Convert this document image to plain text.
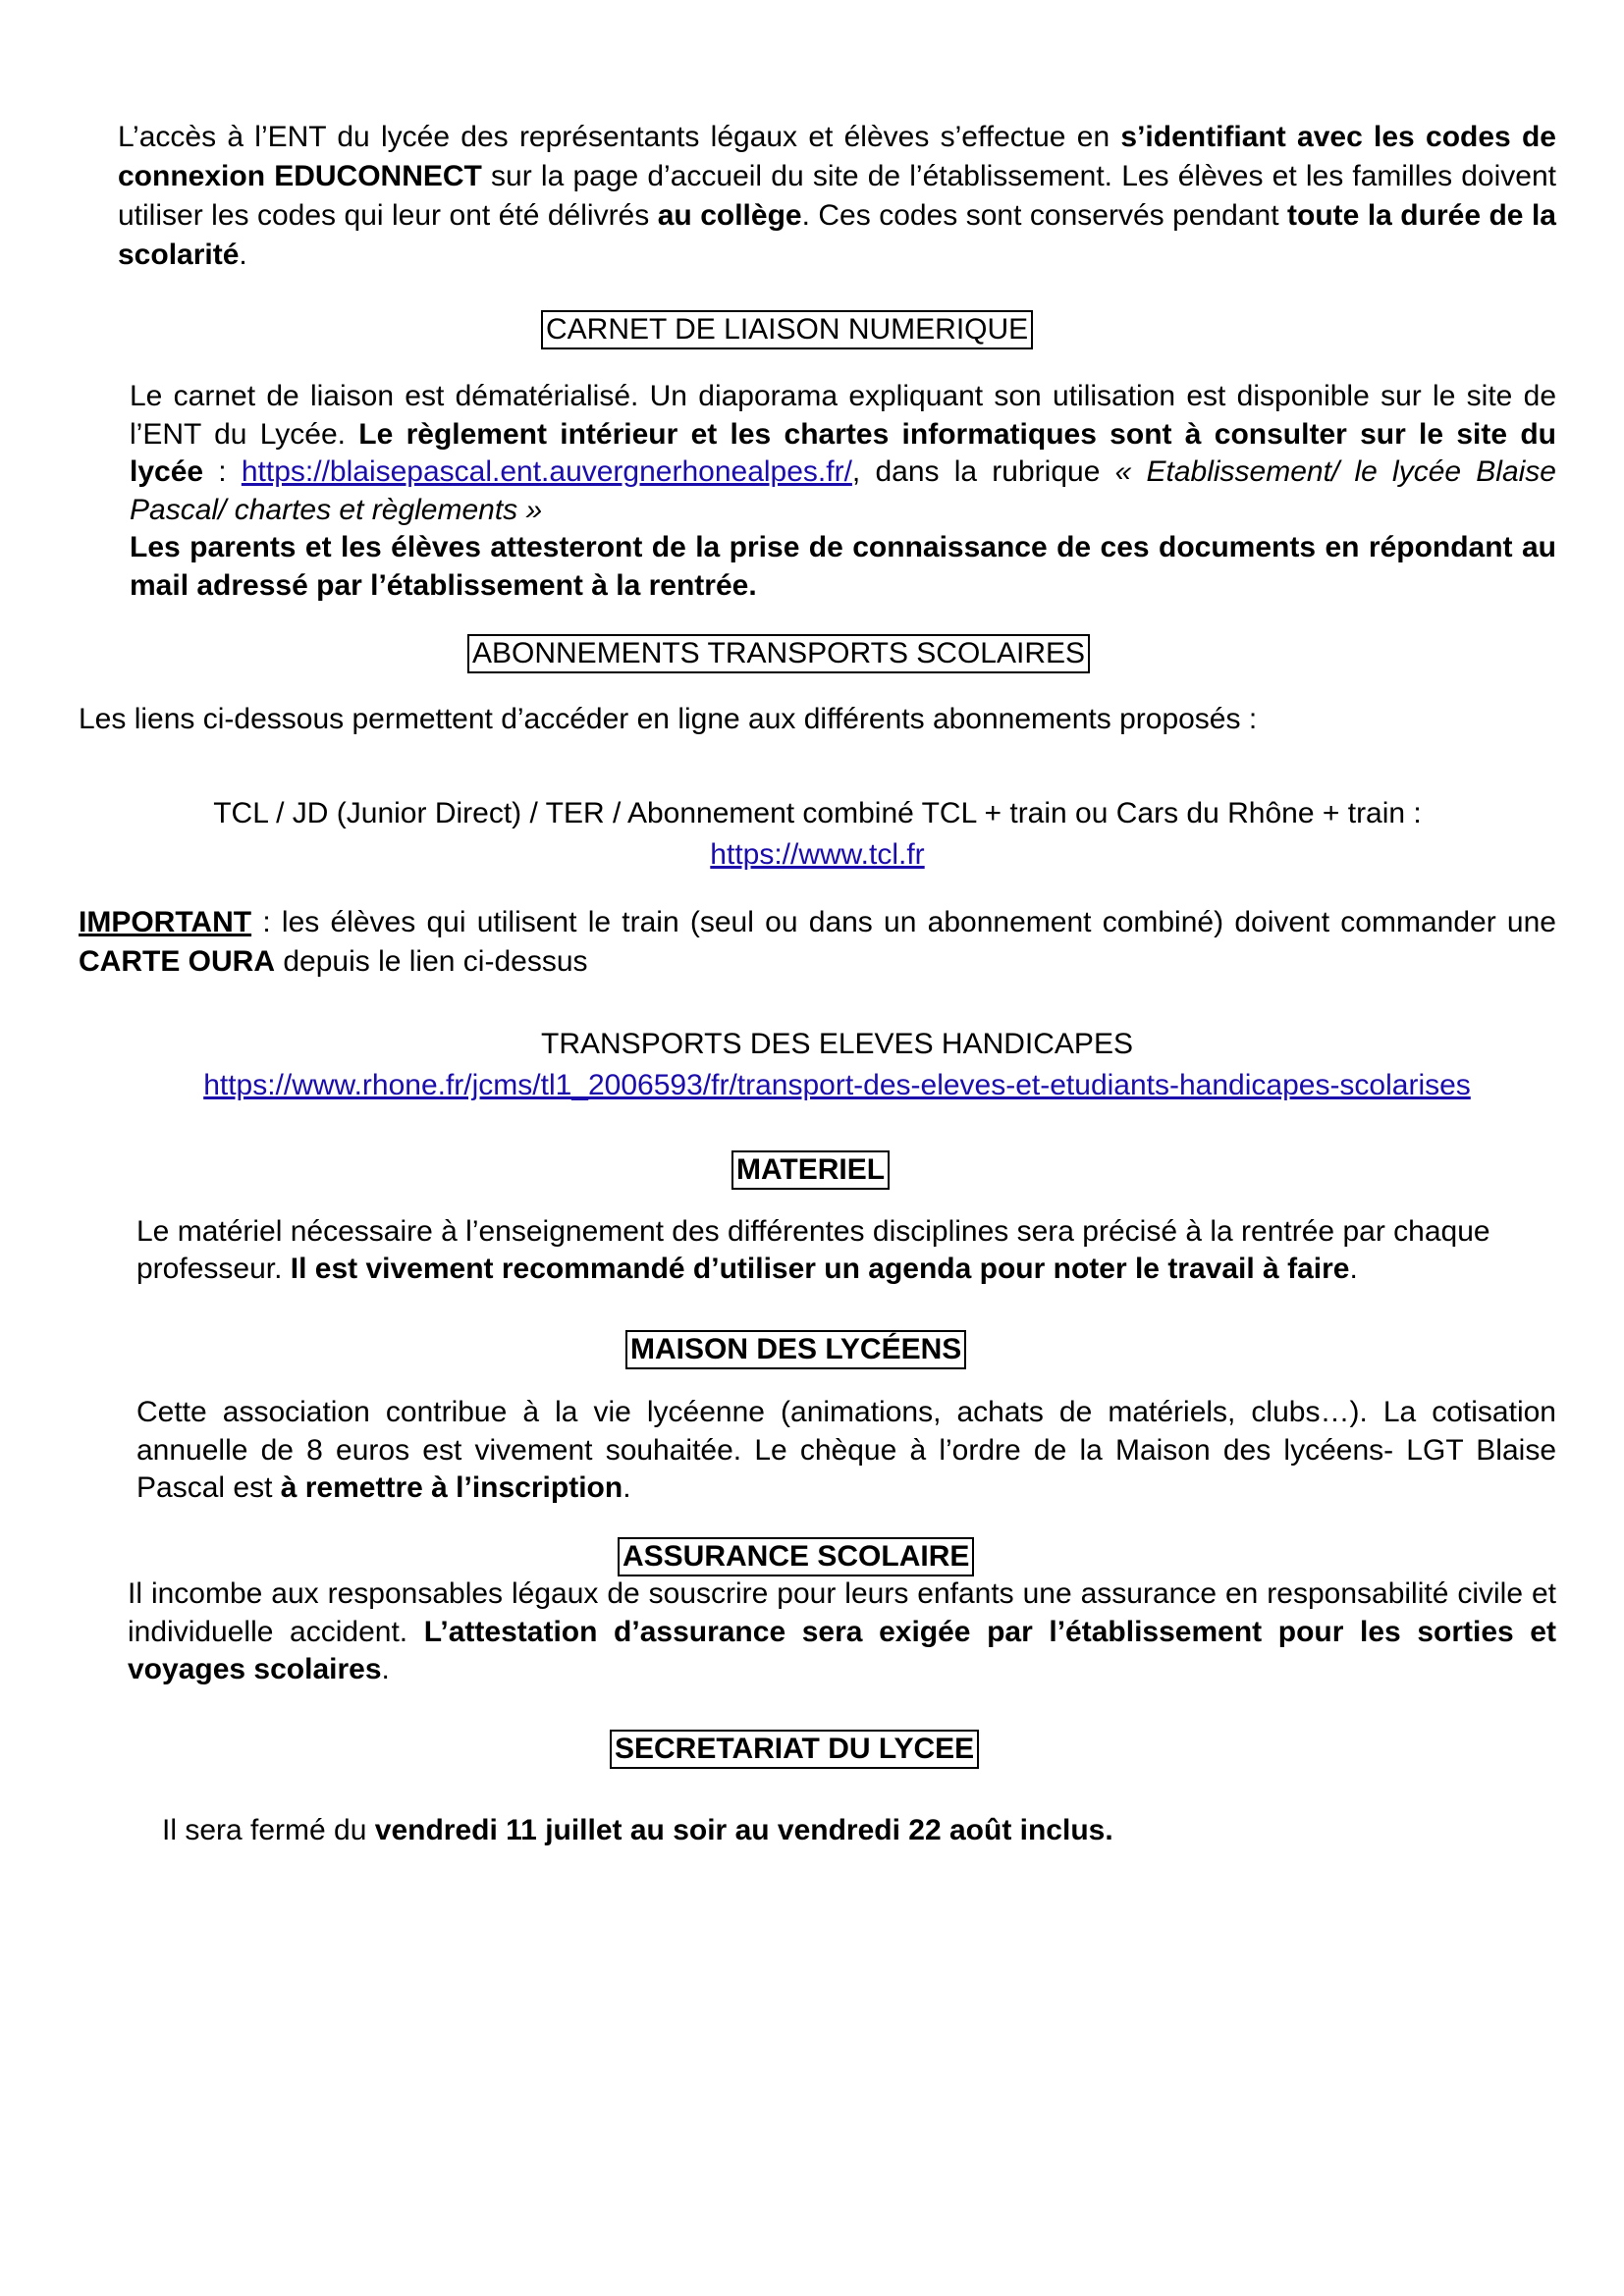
L’accès à l’ENT du lycée des représentants légaux et élèves s’effectue en s’identifiant avec les codes de connexion EDUCONNECT sur la page d’accueil du site de l’établissement. Les élèves et les familles doivent utiliser les codes qui leur ont été délivrés au collège. Ces codes sont conservés pendant toute la durée de la scolarité.

CARNET DE LIAISON NUMERIQUE

Le carnet de liaison est dématérialisé. Un diaporama expliquant son utilisation est disponible sur le site de l’ENT du Lycée. Le règlement intérieur et les chartes informatiques sont à consulter sur le site du lycée : https://blaisepascal.ent.auvergnerhonealpes.fr/, dans la rubrique « Etablissement/ le lycée Blaise Pascal/ chartes et règlements »

Les parents et les élèves attesteront de la prise de connaissance de ces documents en répondant au mail adressé par l’établissement à la rentrée.

ABONNEMENTS TRANSPORTS SCOLAIRES

Les liens ci-dessous permettent d’accéder en ligne aux différents abonnements proposés :

TCL / JD (Junior Direct) / TER / Abonnement combiné TCL + train ou Cars du Rhône + train :

https://www.tcl.fr

IMPORTANT : les élèves qui utilisent le train (seul ou dans un abonnement combiné) doivent commander une CARTE OURA depuis le lien ci-dessus

TRANSPORTS DES ELEVES HANDICAPES

https://www.rhone.fr/jcms/tl1_2006593/fr/transport-des-eleves-et-etudiants-handicapes-scolarises

MATERIEL

Le matériel nécessaire à l’enseignement des différentes disciplines sera précisé à la rentrée par chaque professeur. Il est vivement recommandé d’utiliser un agenda pour noter le travail à faire.

MAISON DES LYCÉENS

Cette association contribue à la vie lycéenne (animations, achats de matériels, clubs…). La cotisation annuelle de 8 euros est vivement souhaitée. Le chèque à l’ordre de la Maison des lycéens- LGT Blaise Pascal est à remettre à l’inscription.

ASSURANCE SCOLAIRE

Il incombe aux responsables légaux de souscrire pour leurs enfants une assurance en responsabilité civile et individuelle accident. L’attestation d’assurance sera exigée par l’établissement pour les sorties et voyages scolaires.

SECRETARIAT DU LYCEE

Il sera fermé du vendredi 11 juillet au soir au vendredi 22 août inclus.
